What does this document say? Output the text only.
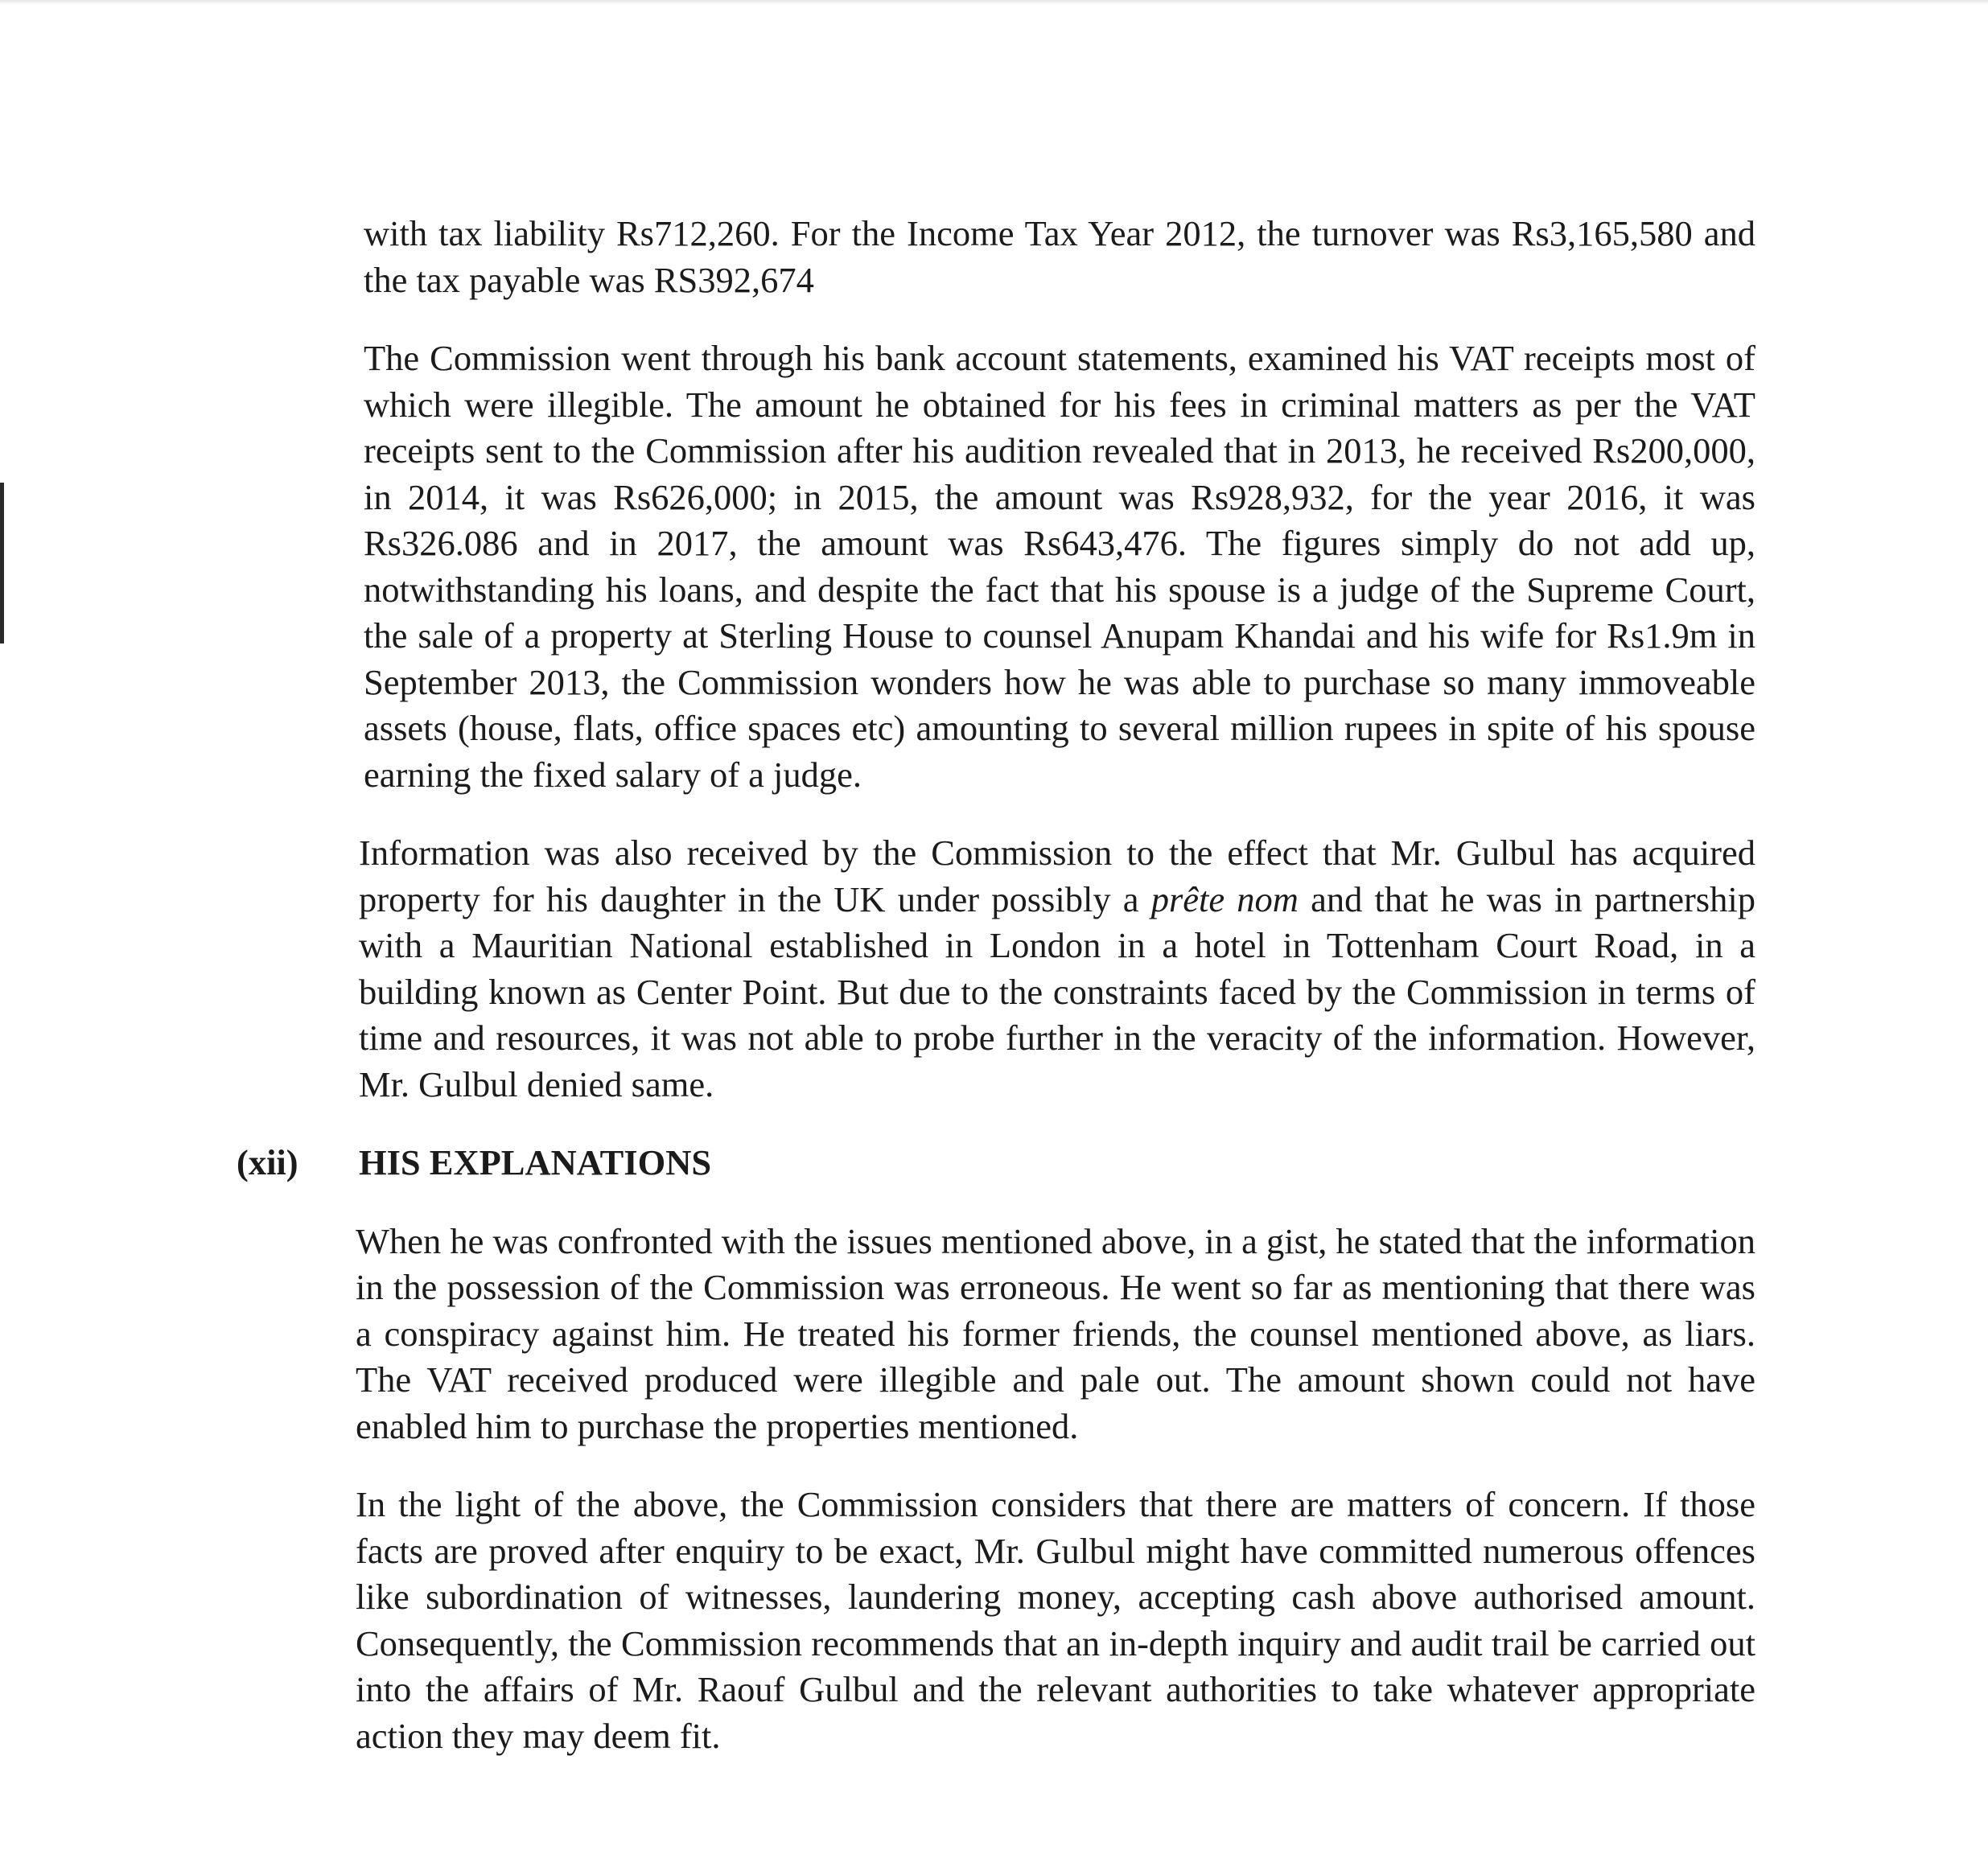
with tax liability Rs712,260. For the Income Tax Year 2012, the turnover was Rs3,165,580 and the tax payable was RS392,674

The Commission went through his bank account statements, examined his VAT receipts most of which were illegible. The amount he obtained for his fees in criminal matters as per the VAT receipts sent to the Commission after his audition revealed that in 2013, he received Rs200,000, in 2014, it was Rs626,000; in 2015, the amount was Rs928,932, for the year 2016, it was Rs326.086 and in 2017, the amount was Rs643,476. The figures simply do not add up, notwithstanding his loans, and despite the fact that his spouse is a judge of the Supreme Court, the sale of a property at Sterling House to counsel Anupam Khandai and his wife for Rs1.9m in September 2013, the Commission wonders how he was able to purchase so many immoveable assets (house, flats, office spaces etc) amounting to several million rupees in spite of his spouse earning the fixed salary of a judge.

Information was also received by the Commission to the effect that Mr. Gulbul has acquired property for his daughter in the UK under possibly a prête nom and that he was in partnership with a Mauritian National established in London in a hotel in Tottenham Court Road, in a building known as Center Point. But due to the constraints faced by the Commission in terms of time and resources, it was not able to probe further in the veracity of the information. However, Mr. Gulbul denied same.

(xii)	HIS EXPLANATIONS

When he was confronted with the issues mentioned above, in a gist, he stated that the information in the possession of the Commission was erroneous. He went so far as mentioning that there was a conspiracy against him. He treated his former friends, the counsel mentioned above, as liars. The VAT received produced were illegible and pale out. The amount shown could not have enabled him to purchase the properties mentioned.

In the light of the above, the Commission considers that there are matters of concern. If those facts are proved after enquiry to be exact, Mr. Gulbul might have committed numerous offences like subordination of witnesses, laundering money, accepting cash above authorised amount. Consequently, the Commission recommends that an in-depth inquiry and audit trail be carried out into the affairs of Mr. Raouf Gulbul and the relevant authorities to take whatever appropriate action they may deem fit.
